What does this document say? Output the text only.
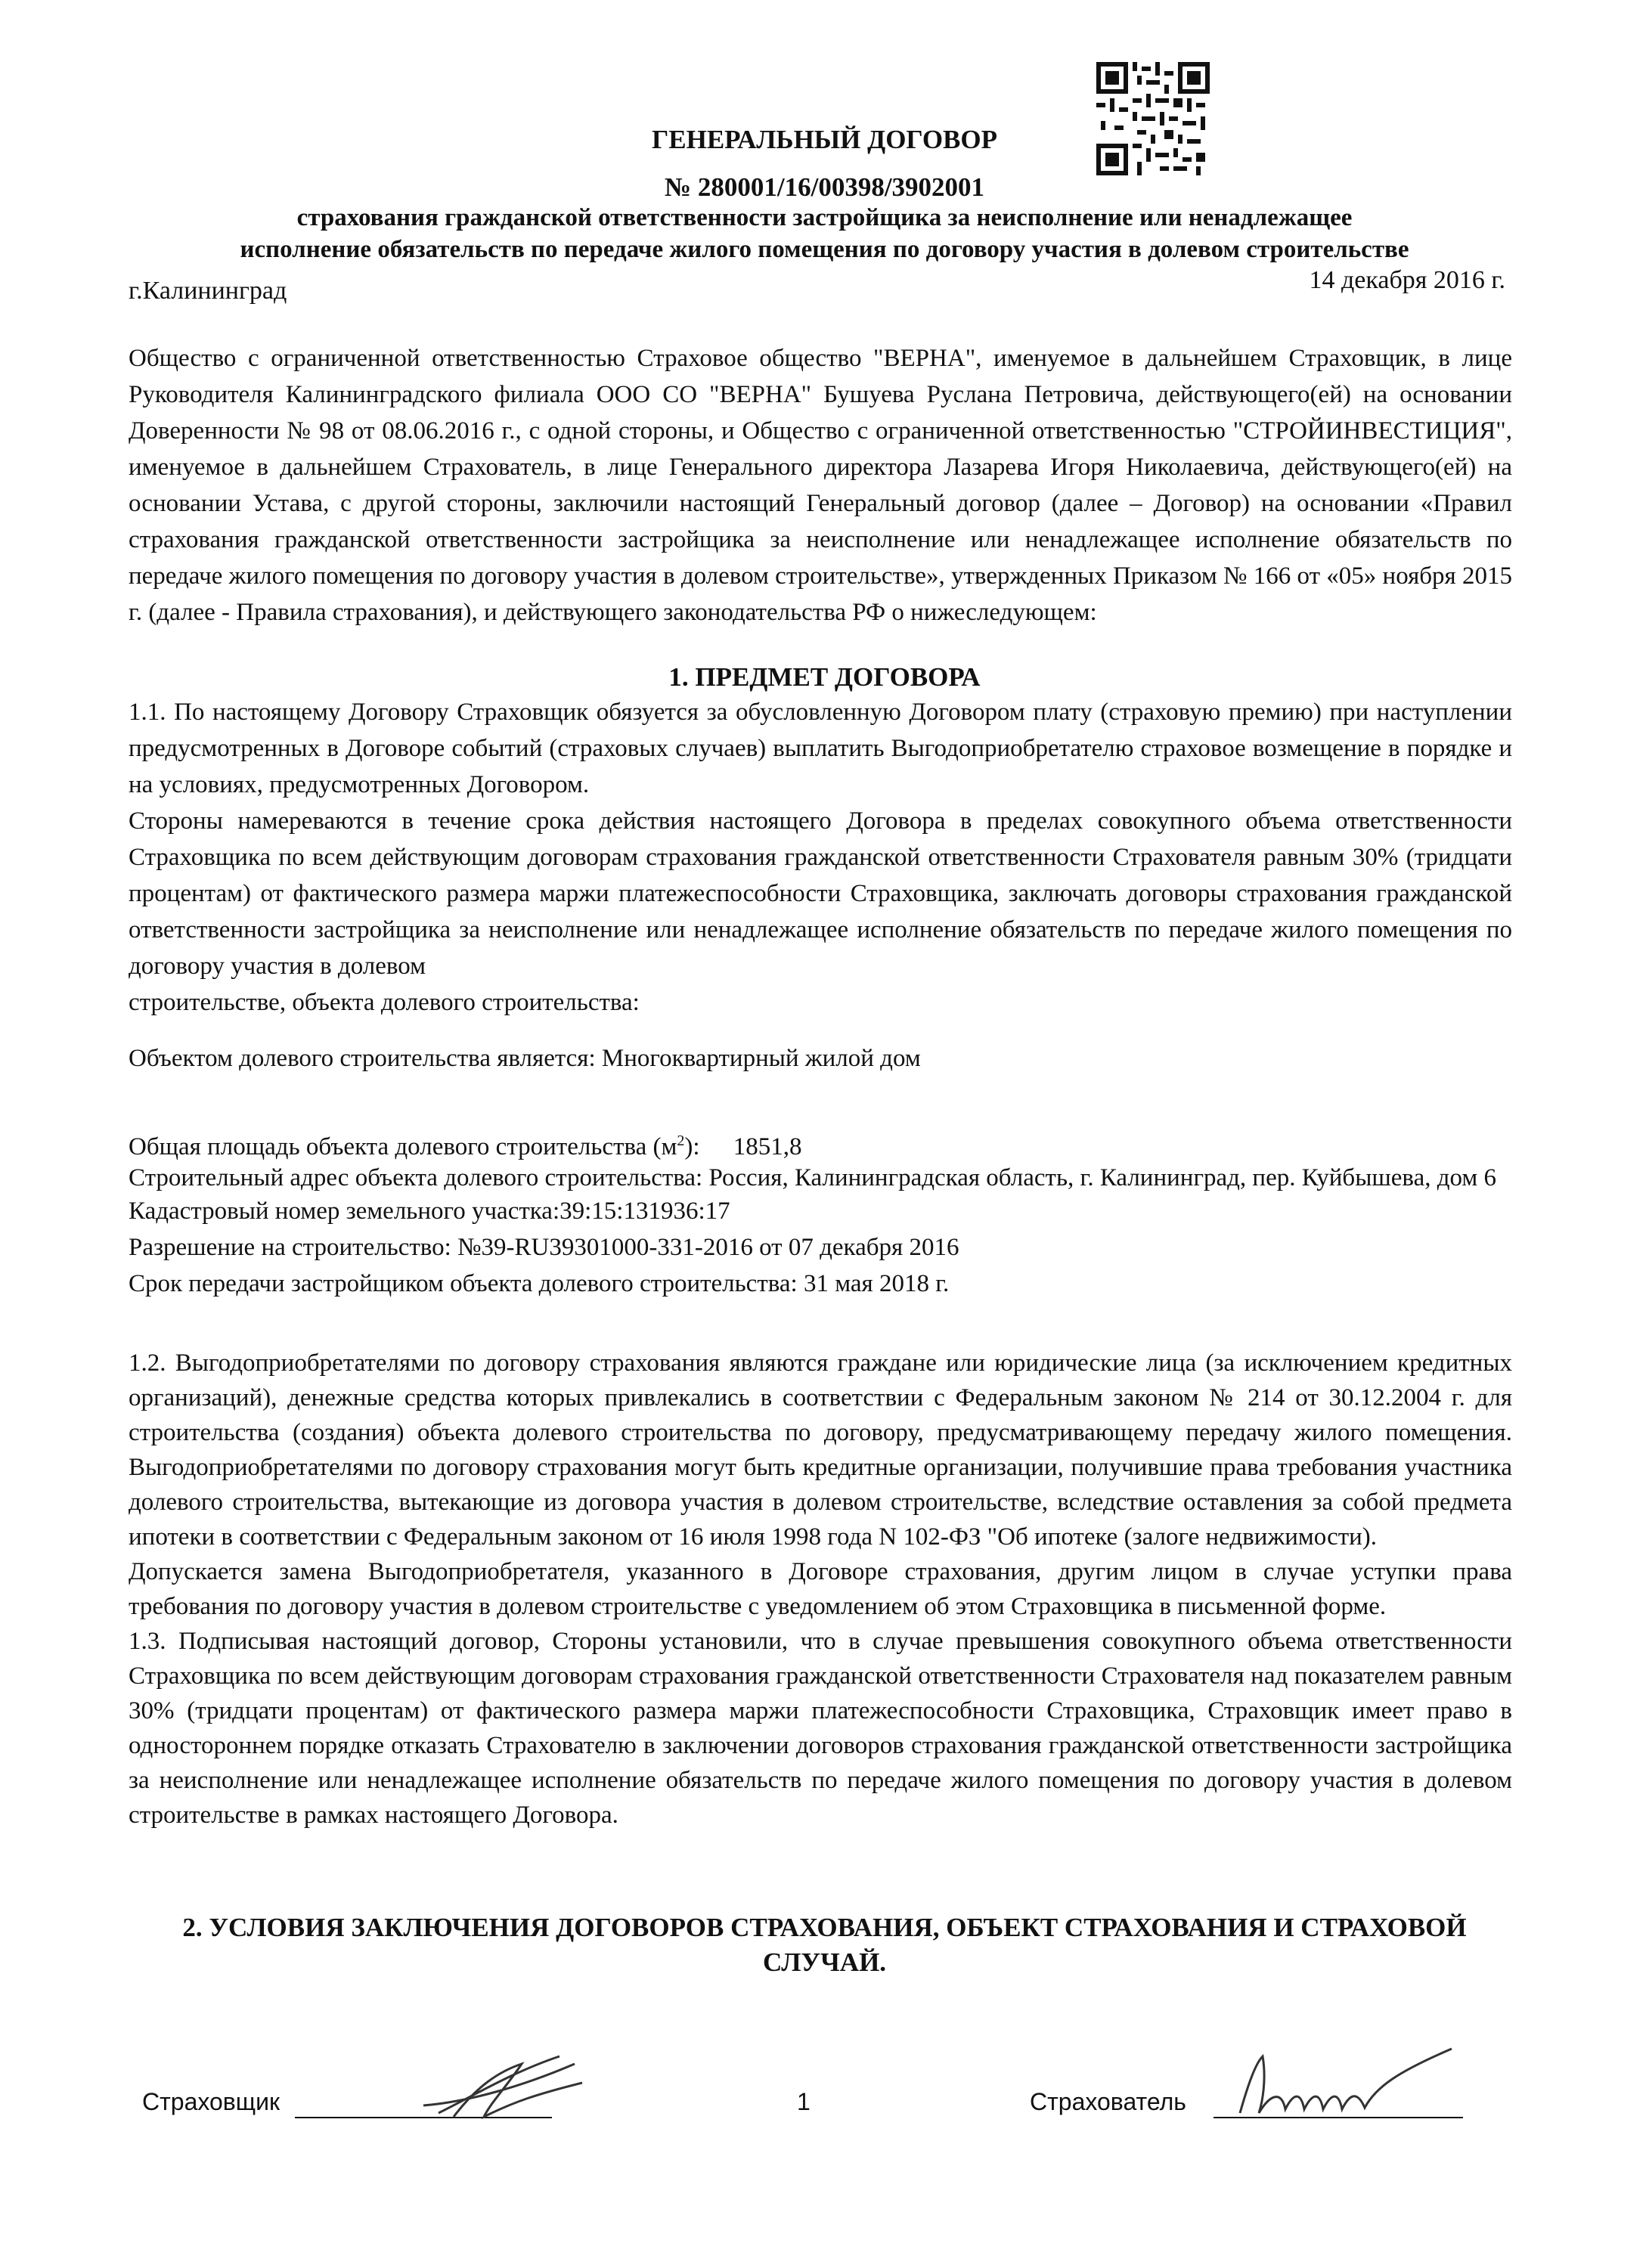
ГЕНЕРАЛЬНЫЙ ДОГОВОР
№ 280001/16/00398/3902001
страхования гражданской ответственности застройщика за неисполнение или ненадлежащее
исполнение обязательств по передаче жилого помещения по договору участия в долевом строительстве
г.Калининград	14 декабря 2016 г.

Общество с ограниченной ответственностью Страховое общество "ВЕРНА", именуемое в дальнейшем Страховщик, в лице Руководителя Калининградского филиала ООО СО "ВЕРНА" Бушуева Руслана Петровича, действующего(ей) на основании Доверенности № 98 от 08.06.2016 г., с одной стороны, и Общество с ограниченной ответственностью "СТРОЙИНВЕСТИЦИЯ", именуемое в дальнейшем Страхователь, в лице Генерального директора Лазарева Игоря Николаевича, действующего(ей) на основании Устава, с другой стороны, заключили настоящий Генеральный договор (далее – Договор) на основании «Правил страхования гражданской ответственности застройщика за неисполнение или ненадлежащее исполнение обязательств по передаче жилого помещения по договору участия в долевом строительстве», утвержденных Приказом № 166 от «05» ноября 2015 г. (далее - Правила страхования), и действующего законодательства РФ о нижеследующем:

1. ПРЕДМЕТ ДОГОВОРА

1.1. По настоящему Договору Страховщик обязуется за обусловленную Договором плату (страховую премию) при наступлении предусмотренных в Договоре событий (страховых случаев) выплатить Выгодоприобретателю страховое возмещение в порядке и на условиях, предусмотренных Договором.

Стороны намереваются в течение срока действия настоящего Договора в пределах совокупного объема ответственности Страховщика по всем действующим договорам страхования гражданской ответственности Страхователя равным 30% (тридцати процентам) от фактического размера маржи платежеспособности Страховщика, заключать договоры страхования гражданской ответственности застройщика за неисполнение или ненадлежащее исполнение обязательств по передаче жилого помещения по договору участия в долевом

строительстве, объекта долевого строительства:

Объектом долевого строительства является: Многоквартирный жилой дом
Общая площадь объекта долевого строительства $(м^2)$: 1851,8

Строительный адрес объекта долевого строительства: Россия, Калининградская область, г. Калининград, пер. Куйбышева, дом 6

Кадастровый номер земельного участка:39:15:131936:17

Разрешение на строительство: №39-RU39301000-331-2016 от 07 декабря 2016

Срок передачи застройщиком объекта долевого строительства: 31 мая 2018 г.

1.2. Выгодоприобретателями по договору страхования являются граждане или юридические лица (за исключением кредитных организаций), денежные средства которых привлекались в соответствии с Федеральным законом № 214 от 30.12.2004 г. для строительства (создания) объекта долевого строительства по договору, предусматривающему передачу жилого помещения. Выгодоприобретателями по договору страхования могут быть кредитные организации, получившие права требования участника долевого строительства, вытекающие из договора участия в долевом строительстве, вследствие оставления за собой предмета ипотеки в соответствии с Федеральным законом от 16 июля 1998 года N 102-ФЗ "Об ипотеке (залоге недвижимости).

Допускается замена Выгодоприобретателя, указанного в Договоре страхования, другим лицом в случае уступки права требования по договору участия в долевом строительстве с уведомлением об этом Страховщика в письменной форме.

1.3. Подписывая настоящий договор, Стороны установили, что в случае превышения совокупного объема ответственности Страховщика по всем действующим договорам страхования гражданской ответственности Страхователя над показателем равным 30% (тридцати процентам) от фактического размера маржи платежеспособности Страховщика, Страховщик имеет право в одностороннем порядке отказать Страхователю в заключении договоров страхования гражданской ответственности застройщика за неисполнение или ненадлежащее исполнение обязательств по передаче жилого помещения по договору участия в долевом строительстве в рамках настоящего Договора.

2. УСЛОВИЯ ЗАКЛЮЧЕНИЯ ДОГОВОРОВ СТРАХОВАНИЯ, ОБЪЕКТ СТРАХОВАНИЯ И СТРАХОВОЙ
СЛУЧАЙ.
Страховщик	1	Страхователь
